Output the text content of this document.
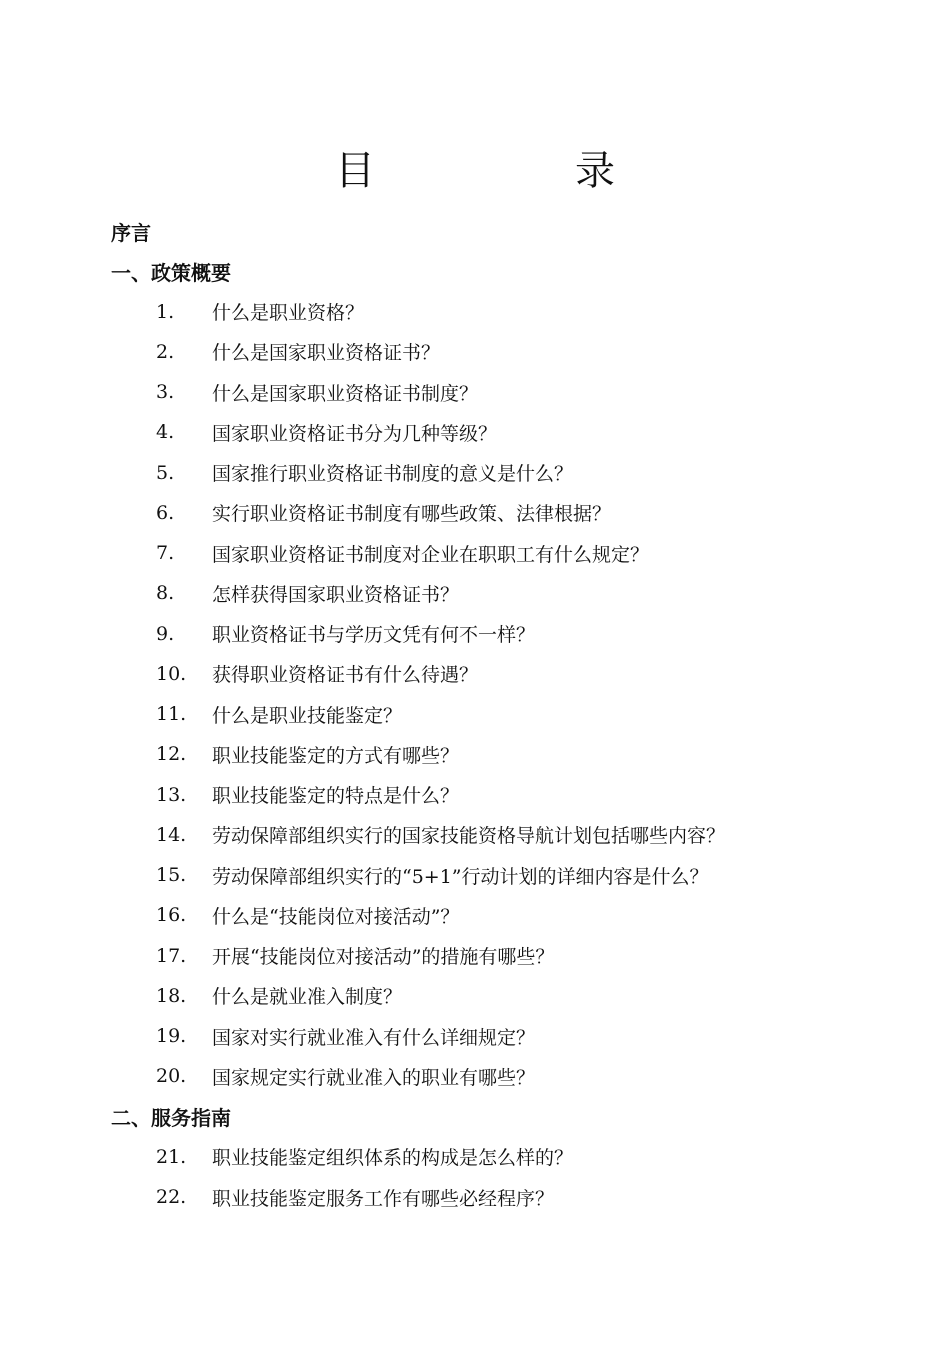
目　录
序言
一、政策概要
1.	什么是职业资格？
2.	什么是国家职业资格证书？
3.	什么是国家职业资格证书制度？
4.	国家职业资格证书分为几种等级？
5.	国家推行职业资格证书制度的意义是什么？
6.	实行职业资格证书制度有哪些政策、法律根据？
7.	国家职业资格证书制度对企业在职职工有什么规定？
8.	怎样获得国家职业资格证书？
9.	职业资格证书与学历文凭有何不一样？
10.	获得职业资格证书有什么待遇？
11.	什么是职业技能鉴定？
12.	职业技能鉴定的方式有哪些？
13.	职业技能鉴定的特点是什么？
14.	劳动保障部组织实行的国家技能资格导航计划包括哪些内容？
15.	劳动保障部组织实行的“5+1”行动计划的详细内容是什么？
16.	什么是“技能岗位对接活动”？
17.	开展“技能岗位对接活动”的措施有哪些？
18.	什么是就业准入制度？
19.	国家对实行就业准入有什么详细规定？
20.	国家规定实行就业准入的职业有哪些？
二、服务指南
21.	职业技能鉴定组织体系的构成是怎么样的？
22.	职业技能鉴定服务工作有哪些必经程序？
